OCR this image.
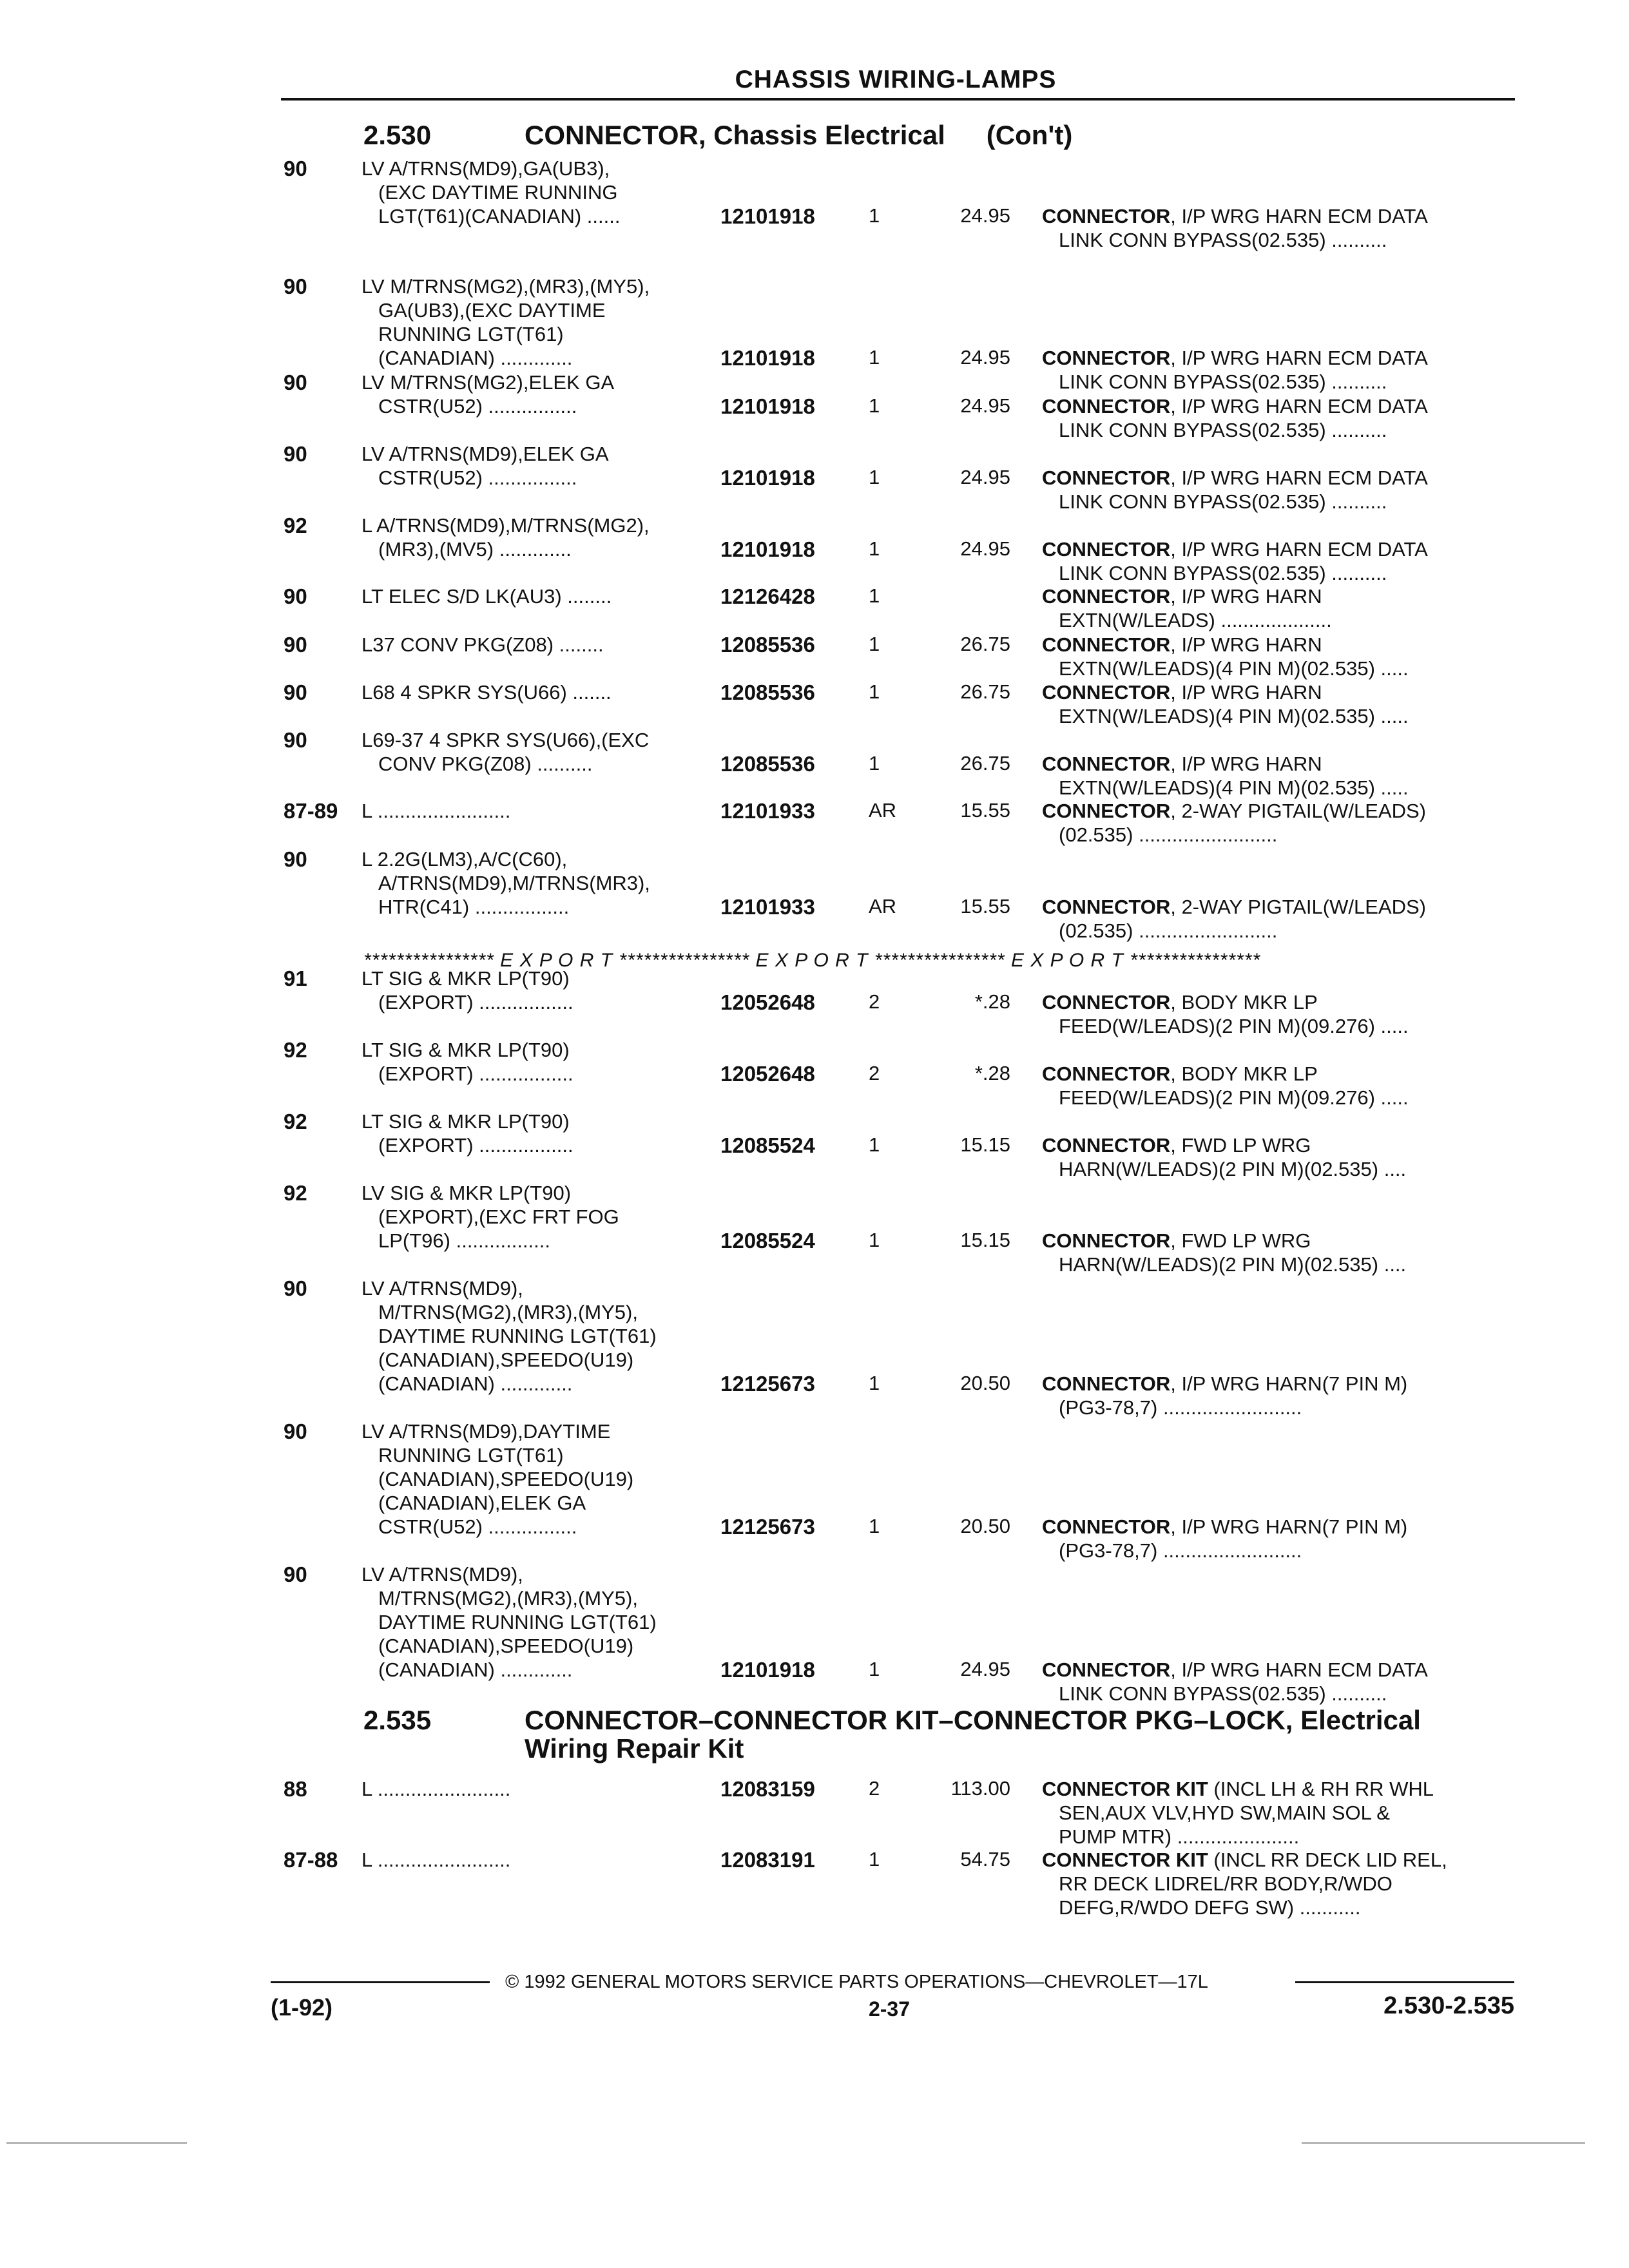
CHASSIS WIRING-LAMPS
2.530	CONNECTOR, Chassis Electrical (Con't)
90	LV A/TRNS(MD9),GA(UB3),
(EXC DAYTIME RUNNING
LGT(T61)(CANADIAN) ......	12101918	1	24.95 CONNECTOR, I/P WRG HARN ECM DATA
LINK CONN BYPASS(02.535) ..........
90	LV M/TRNS(MG2),(MR3),(MY5),
GA(UB3),(EXC DAYTIME
RUNNING LGT(T61)
(CANADIAN) .............	12101918	1	24.95 CONNECTOR, I/P WRG HARN ECM DATA
LINK CONN BYPASS(02.535) ..........
90	LV M/TRNS(MG2),ELEK GA
CSTR(U52) ................	12101918	1	24.95 CONNECTOR, I/P WRG HARN ECM DATA
LINK CONN BYPASS(02.535) ..........
90	LV A/TRNS(MD9),ELEK GA
CSTR(U52) ................	12101918	1	24.95 CONNECTOR, I/P WRG HARN ECM DATA
LINK CONN BYPASS(02.535) ..........
92	L A/TRNS(MD9),M/TRNS(MG2),
(MR3),(MV5) .............	12101918	1	24.95 CONNECTOR, I/P WRG HARN ECM DATA
LINK CONN BYPASS(02.535) ..........
90	LT ELEC S/D LK(AU3) ........	12126428	1	CONNECTOR, I/P WRG HARN
EXTN(W/LEADS) ....................
90	L37 CONV PKG(Z08) ........	12085536	1	26.75 CONNECTOR, I/P WRG HARN
EXTN(W/LEADS)(4 PIN M)(02.535) .....
90	L68 4 SPKR SYS(U66) .......	12085536	1	26.75 CONNECTOR, I/P WRG HARN
EXTN(W/LEADS)(4 PIN M)(02.535) .....
90	L69-37 4 SPKR SYS(U66),(EXC
CONV PKG(Z08) ..........	12085536	1	26.75 CONNECTOR, I/P WRG HARN
EXTN(W/LEADS)(4 PIN M)(02.535) .....
87-89 L ........................	12101933	AR	15.55 CONNECTOR, 2-WAY PIGTAIL(W/LEADS)
(02.535) .........................
90	L 2.2G(LM3),A/C(C60),
A/TRNS(MD9),M/TRNS(MR3),
HTR(C41) .................	12101933	AR	15.55 CONNECTOR, 2-WAY PIGTAIL(W/LEADS)
(02.535) .........................
91	LT SIG & MKR LP(T90)
(EXPORT) .................	12052648	2	*.28 CONNECTOR, BODY MKR LP
FEED(W/LEADS)(2 PIN M)(09.276) .....
92	LT SIG & MKR LP(T90)
(EXPORT) .................	12052648	2	*.28 CONNECTOR, BODY MKR LP
FEED(W/LEADS)(2 PIN M)(09.276) .....
92	LT SIG & MKR LP(T90)
(EXPORT) .................	12085524	1	15.15 CONNECTOR, FWD LP WRG
HARN(W/LEADS)(2 PIN M)(02.535) ....
92	LV SIG & MKR LP(T90)
(EXPORT),(EXC FRT FOG
LP(T96) .................	12085524	1	15.15 CONNECTOR, FWD LP WRG
HARN(W/LEADS)(2 PIN M)(02.535) ....
90	LV A/TRNS(MD9),
M/TRNS(MG2),(MR3),(MY5),
DAYTIME RUNNING LGT(T61)
(CANADIAN),SPEEDO(U19)
(CANADIAN) .............	12125673	1	20.50 CONNECTOR, I/P WRG HARN(7 PIN M)
(PG3-78,7) .........................
90	LV A/TRNS(MD9),DAYTIME
RUNNING LGT(T61)
(CANADIAN),SPEEDO(U19)
(CANADIAN),ELEK GA
CSTR(U52) ................	12125673	1	20.50 CONNECTOR, I/P WRG HARN(7 PIN M)
(PG3-78,7) .........................
90	LV A/TRNS(MD9),
M/TRNS(MG2),(MR3),(MY5),
DAYTIME RUNNING LGT(T61)
(CANADIAN),SPEEDO(U19)
(CANADIAN) .............	12101918	1	24.95 CONNECTOR, I/P WRG HARN ECM DATA
LINK CONN BYPASS(02.535) ..........
88	L ........................	12083159	2	113.00 CONNECTOR KIT (INCL LH & RH RR WHL
SEN,AUX VLV,HYD SW,MAIN SOL &
PUMP MTR) ......................
87-88 L ........................	12083191	1	54.75 CONNECTOR KIT (INCL RR DECK LID REL,
RR DECK LIDREL/RR BODY,R/WDO
DEFG,R/WDO DEFG SW) ...........
**************** E X P O R T **************** E X P O R T **************** E X P O R T ****************
2.535	CONNECTOR–CONNECTOR KIT–CONNECTOR PKG–LOCK, Electrical
Wiring Repair Kit
© 1992 GENERAL MOTORS SERVICE PARTS OPERATIONS—CHEVROLET—17L
(1-92)	2-37	2.530-2.535
